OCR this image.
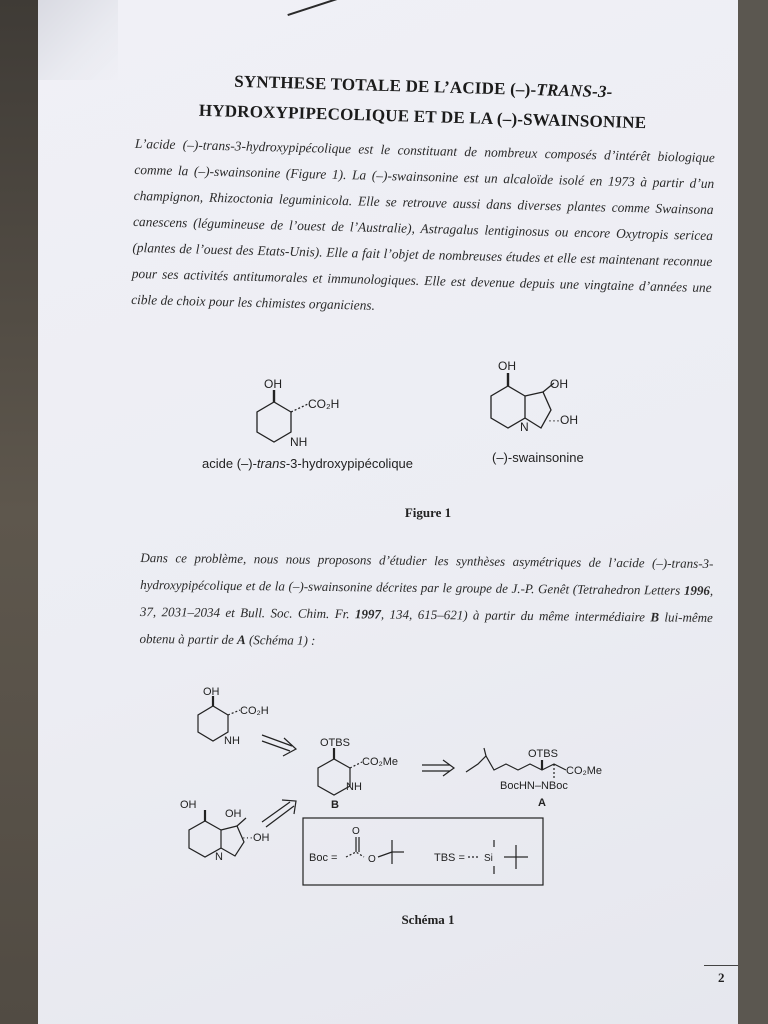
SYNTHESE TOTALE DE L’ACIDE (–)-TRANS-3-
HYDROXYPIPECOLIQUE ET DE LA (–)-SWAINSONINE
L’acide (–)-trans-3-hydroxypipécolique est le constituant de nombreux composés d’intérêt biologique comme la (–)-swainsonine (Figure 1). La (–)-swainsonine est un alcaloïde isolé en 1973 à partir d’un champignon, Rhizoctonia leguminicola. Elle se retrouve aussi dans diverses plantes comme Swainsona canescens (légumineuse de l’ouest de l’Australie), Astragalus lentiginosus ou encore Oxytropis sericea (plantes de l’ouest des Etats-Unis). Elle a fait l’objet de nombreuses études et elle est maintenant reconnue pour ses activités antitumorales et immunologiques. Elle est devenue depuis une vingtaine d’années une cible de choix pour les chimistes organiciens.
OH
CO₂H
NH
OH
OH
···OH
N
OH
CO₂H
NH	OTBS
CO₂Me
NH
B
OTBS
CO₂Me
BocHN–NBoc
A
OH
OH
···OH
N	Boc =
O
O	TBS = Si
acide (–)-trans-3-hydroxypipécolique	(–)-swainsonine
Figure 1
Dans ce problème, nous nous proposons d’étudier les synthèses asymétriques de l’acide (–)-trans-3-hydroxypipécolique et de la (–)-swainsonine décrites par le groupe de J.-P. Genêt (Tetrahedron Letters 1996, 37, 2031–2034 et Bull. Soc. Chim. Fr. 1997, 134, 615–621) à partir du même intermédiaire B lui-même obtenu à partir de A (Schéma 1) :
Schéma 1
2
